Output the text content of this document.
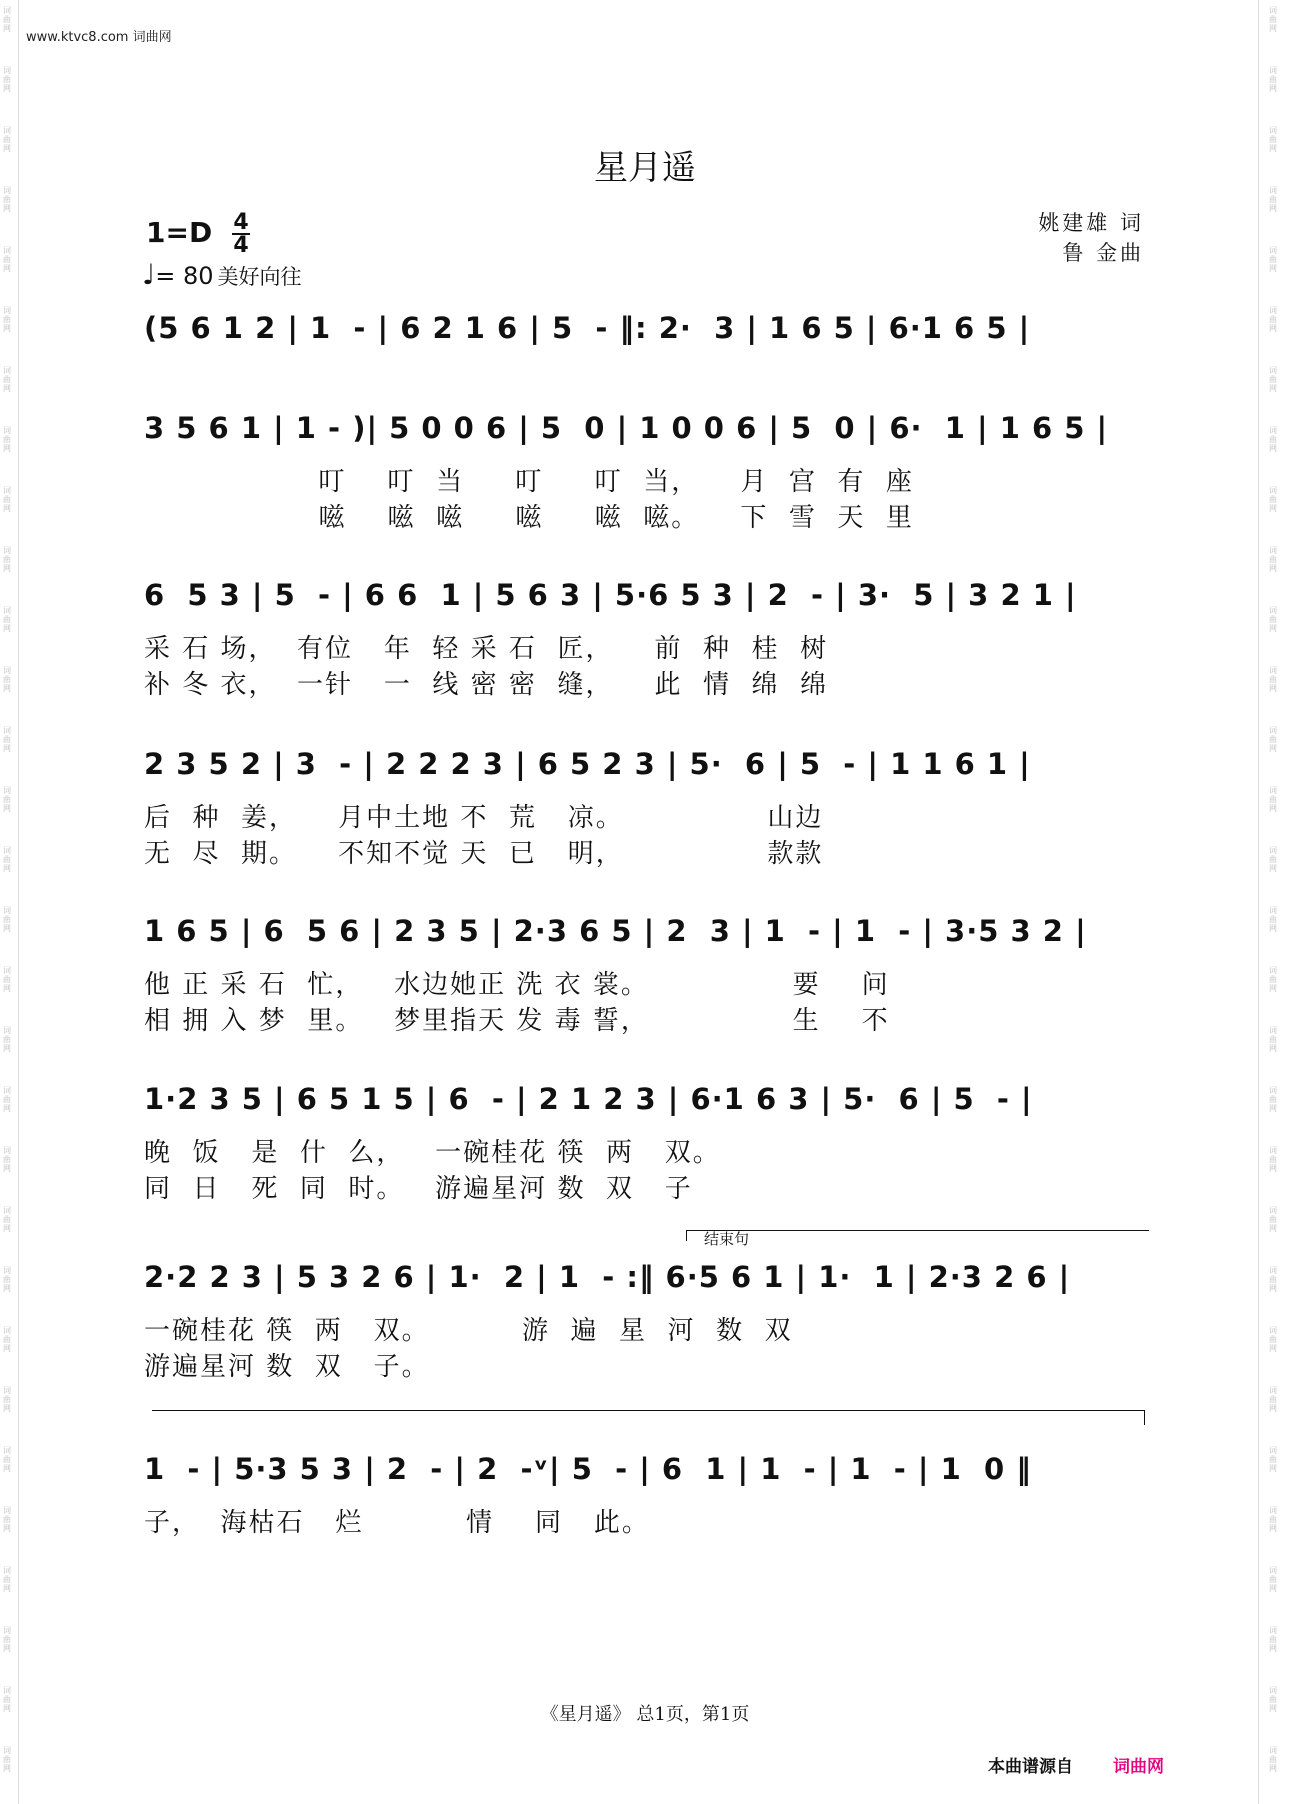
www.ktvc8.com 词曲网
词
曲
网
词
曲
网
词
曲
网
词
曲
网
词
曲
网
词
曲
网
词
曲
网
词
曲
网
词
曲
网
词
曲
网
词
曲
网
词
曲
网
词
曲
网
词
曲
网
词
曲
网
词
曲
网
词
曲
网
词
曲
网
词
曲
网
词
曲
网
词
曲
网
词
曲
网
词
曲
网
词
曲
网
词
曲
网
词
曲
网
词
曲
网
词
曲
网
词
曲
网
词
曲
网
词
曲
网
词
曲
网
词
曲
网
词
曲
网
词
曲
网
词
曲
网
词
曲
网
词
曲
网
词
曲
网
词
曲
网
词
曲
网
词
曲
网
词
曲
网
词
曲
网
词
曲
网
词
曲
网
词
曲
网
词
曲
网
词
曲
网
词
曲
网
词
曲
网
词
曲
网
词
曲
网
词
曲
网
词
曲
网
词
曲
网
词
曲
网
词
曲
网
词
曲
网
词
曲
网
星月遥
1=D 4
4
♩= 80 美好向往
姚建雄 词
鲁 金曲
(5 6 1 2 | 1  - | 6 2 1 6 | 5  - ‖: 2·  3 | 1 6 5 | 6·1 6 5 |
3 5 6 1 | 1 - )| 5 0 0 6 | 5  0 | 1 0 0 6 | 5  0 | 6·  1 | 1 6 5 |
叮    叮  当     叮     叮  当，    月  宫  有  座
嗞    嗞  嗞     嗞     嗞  嗞。    下  雪  天  里
6  5 3 | 5  - | 6 6  1 | 5 6 3 | 5·6 5 3 | 2  - | 3·  5 | 3 2 1 |
采 石 场，  有位   年  轻 采 石  匠，    前  种  桂  树
补 冬 衣，  一针   一  线 密 密  缝，    此  情  绵  绵
2 3 5 2 | 3  - | 2 2 2 3 | 6 5 2 3 | 5·  6 | 5  - | 1 1 6 1 |
后  种  姜，    月中土地 不  荒   凉。              山边
无  尽  期。    不知不觉 天  已   明，              款款
1 6 5 | 6  5 6 | 2 3 5 | 2·3 6 5 | 2  3 | 1  - | 1  - | 3·5 3 2 |
他 正 采 石  忙，   水边她正 洗 衣 裳。              要    问
相 拥 入 梦  里。   梦里指天 发 毒 誓，              生    不
1·2 3 5 | 6 5 1 5 | 6  - | 2 1 2 3 | 6·1 6 3 | 5·  6 | 5  - |
晚  饭   是  什  么，   一碗桂花 筷  两   双。
同  日   死  同  时。   游遍星河 数  双   子
结束句
2·2 2 3 | 5 3 2 6 | 1·  2 | 1  - :‖ 6·5 6 1 | 1·  1 | 2·3 2 6 |
一碗桂花 筷  两   双。         游  遍  星  河  数  双
游遍星河 数  双   子。
1  - | 5·3 5 3 | 2  - | 2  -ᵛ| 5  - | 6  1 | 1  - | 1  - | 1  0 ‖
子，  海枯石   烂          情    同   此。
《星月遥》 总1页，第1页
本曲谱源自 词曲网
